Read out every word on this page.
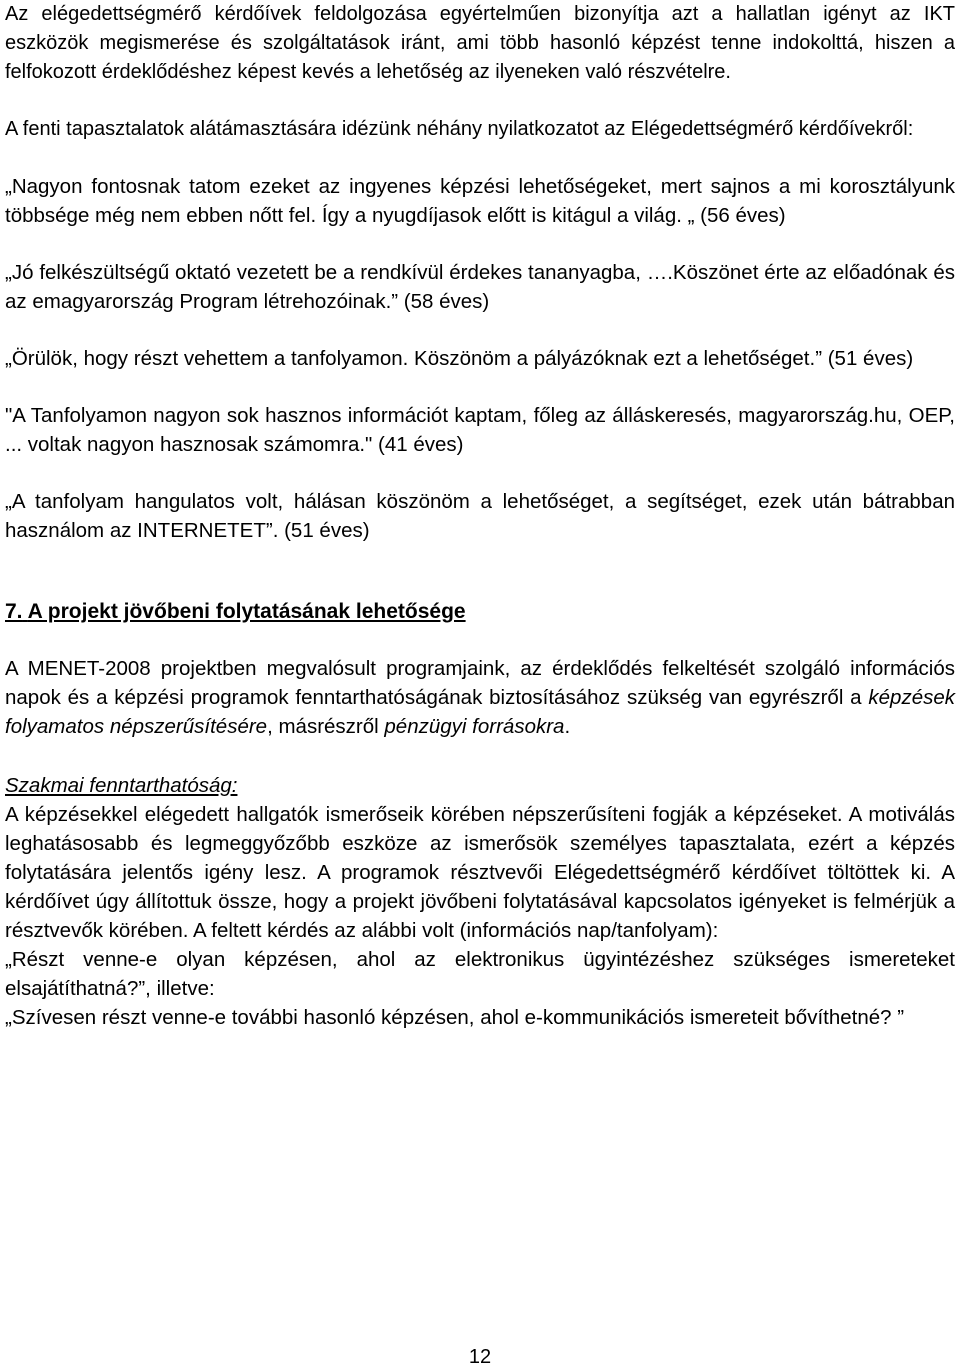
Az elégedettségmérő kérdőívek feldolgozása egyértelműen bizonyítja azt a hallatlan igényt az IKT eszközök megismerése és szolgáltatások iránt, ami több hasonló képzést tenne indokolttá, hiszen a felfokozott érdeklődéshez képest kevés a lehetőség az ilyeneken való részvételre.

A fenti tapasztalatok alátámasztására idézünk néhány nyilatkozatot az Elégedettségmérő kérdőívekről:

„Nagyon fontosnak tatom ezeket az ingyenes képzési lehetőségeket, mert sajnos a mi korosztályunk többsége még nem ebben nőtt fel. Így a nyugdíjasok előtt is kitágul a világ. „ (56 éves)

„Jó felkészültségű oktató vezetett be a rendkívül érdekes tananyagba, ….Köszönet érte az előadónak és az emagyarország Program létrehozóinak.” (58 éves)

„Örülök, hogy részt vehettem a tanfolyamon. Köszönöm a pályázóknak ezt a lehetőséget.” (51 éves)

"A Tanfolyamon nagyon sok hasznos információt kaptam, főleg az álláskeresés, magyarország.hu, OEP, ... voltak nagyon hasznosak számomra." (41 éves)

„A tanfolyam hangulatos volt, hálásan köszönöm a lehetőséget, a segítséget, ezek után bátrabban használom az INTERNETET”. (51 éves)

7. A projekt jövőbeni folytatásának lehetősége

A MENET-2008 projektben megvalósult programjaink, az érdeklődés felkeltését szolgáló információs napok és a képzési programok fenntarthatóságának biztosításához szükség van egyrészről a képzések folyamatos népszerűsítésére, másrészről pénzügyi forrásokra.

Szakmai fenntarthatóság:

A képzésekkel elégedett hallgatók ismerőseik körében népszerűsíteni fogják a képzéseket. A motiválás leghatásosabb és legmeggyőzőbb eszköze az ismerősök személyes tapasztalata, ezért a képzés folytatására jelentős igény lesz. A programok résztvevői Elégedettségmérő kérdőívet töltöttek ki. A kérdőívet úgy állítottuk össze, hogy a projekt jövőbeni folytatásával kapcsolatos igényeket is felmérjük a résztvevők körében. A feltett kérdés az alábbi volt (információs nap/tanfolyam):

„Részt venne-e olyan képzésen, ahol az elektronikus ügyintézéshez szükséges ismereteket elsajátíthatná?”, illetve:

„Szívesen részt venne-e további hasonló képzésen, ahol e-kommunikációs ismereteit bővíthetné? ”

12
